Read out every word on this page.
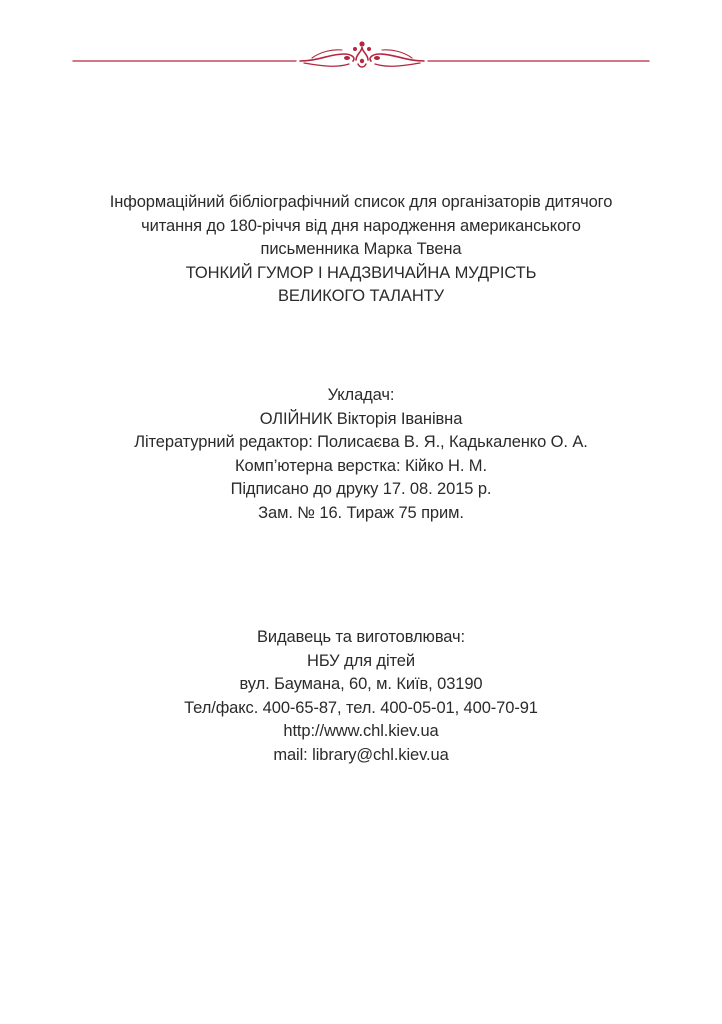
Інформаційний бібліографічний список для організаторів дитячого
читання до 180-річчя від дня народження американського
письменника Марка Твена
ТОНКИЙ ГУМОР І НАДЗВИЧАЙНА МУДРІСТЬ
ВЕЛИКОГО ТАЛАНТУ
Укладач:
ОЛІЙНИК Вікторія Іванівна
Літературний редактор: Полисаєва В. Я., Кадькаленко О. А.
Комп’ютерна верстка: Кійко Н. М.
Підписано до друку 17. 08. 2015 р.
Зам. № 16. Тираж 75 прим.
Видавець та виготовлювач:
НБУ для дітей
вул. Баумана, 60, м. Київ, 03190
Тел/факс. 400-65-87, тел. 400-05-01, 400-70-91
http://www.chl.kiev.ua
mail: library@chl.kiev.ua
